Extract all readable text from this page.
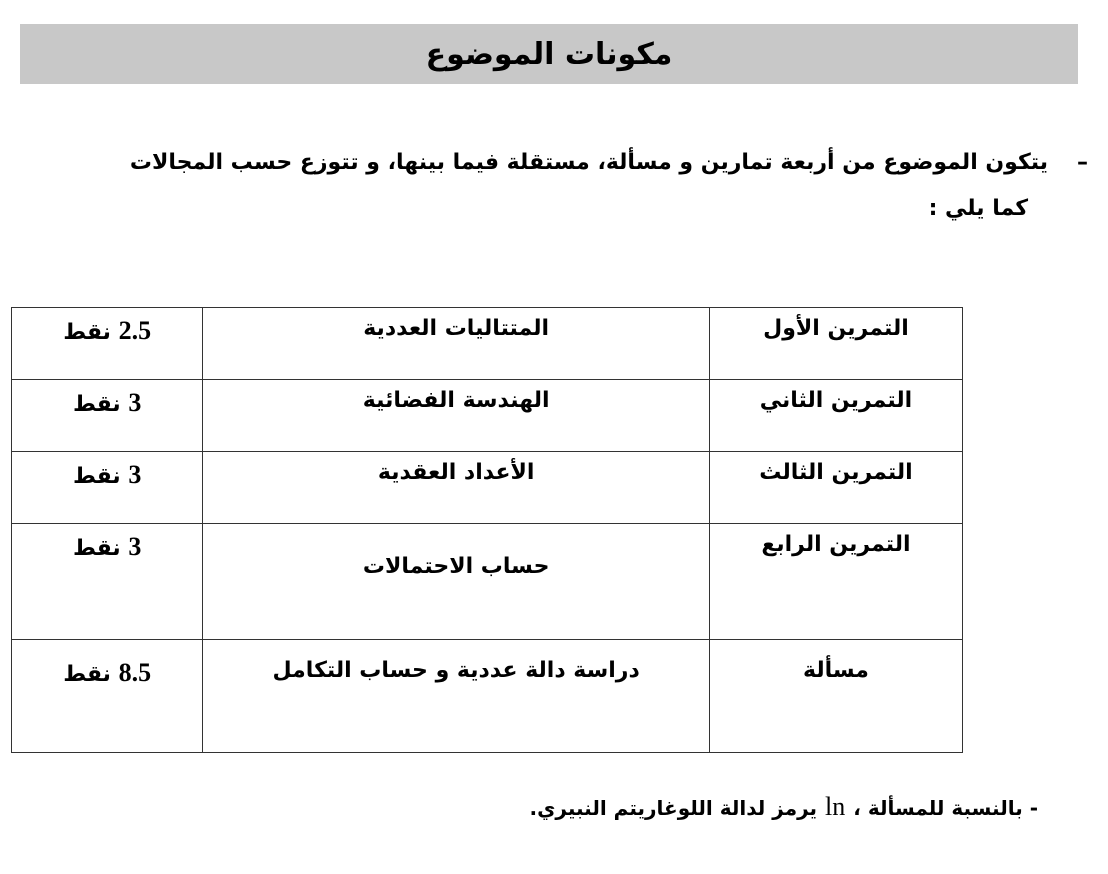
مكونات الموضوع
–يتكون الموضوع من أربعة تمارين و مسألة، مستقلة فيما بينها، و تتوزع حسب المجالات
كما يلي :
التمرين الأول	المتتاليات العددية	2.5 نقط
التمرين الثاني	الهندسة الفضائية	3 نقط
التمرين الثالث	الأعداد العقدية	3 نقط
التمرين الرابع	حساب الاحتمالات	3 نقط
مسألة	دراسة دالة عددية و حساب التكامل	8.5 نقط
- بالنسبة للمسألة ،lnيرمز لدالة اللوغاريتم النبيري.
